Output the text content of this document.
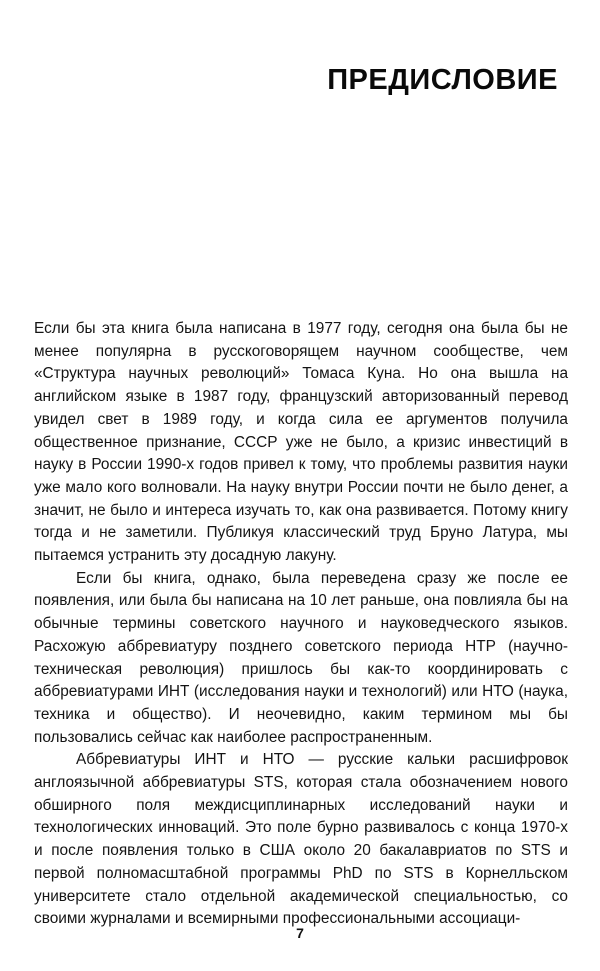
ПРЕДИСЛОВИЕ

Если бы эта книга была написана в 1977 году, сегодня она была бы не менее популярна в русскоговорящем научном сообществе, чем «Структура научных революций» Томаса Куна. Но она вышла на английском языке в 1987 году, французский авторизованный перевод увидел свет в 1989 году, и когда сила ее аргументов получила общественное признание, СССР уже не было, а кризис инвестиций в науку в России 1990-х годов привел к тому, что проблемы развития науки уже мало кого волновали. На науку внутри России почти не было денег, а значит, не было и интереса изучать то, как она развивается. Потому книгу тогда и не заметили. Публикуя классический труд Бруно Латура, мы пытаемся устранить эту досадную лакуну.

Если бы книга, однако, была переведена сразу же после ее появления, или была бы написана на 10 лет раньше, она повлияла бы на обычные термины советского научного и науковедческого языков. Расхожую аббревиатуру позднего советского периода НТР (научно-техническая революция) пришлось бы как-то координировать с аббревиатурами ИНТ (исследования науки и технологий) или НТО (наука, техника и общество). И неочевидно, каким термином мы бы пользовались сейчас как наиболее распространенным.

Аббревиатуры ИНТ и НТО — русские кальки расшифровок англоязычной аббревиатуры STS, которая стала обозначением нового обширного поля междисциплинарных исследований науки и технологических инноваций. Это поле бурно развивалось с конца 1970-х и после появления только в США около 20 бакалавриатов по STS и первой полномасштабной программы PhD по STS в Корнелльском университете стало отдельной академической специальностью, со своими журналами и всемирными профессиональными ассоциаци-

7
